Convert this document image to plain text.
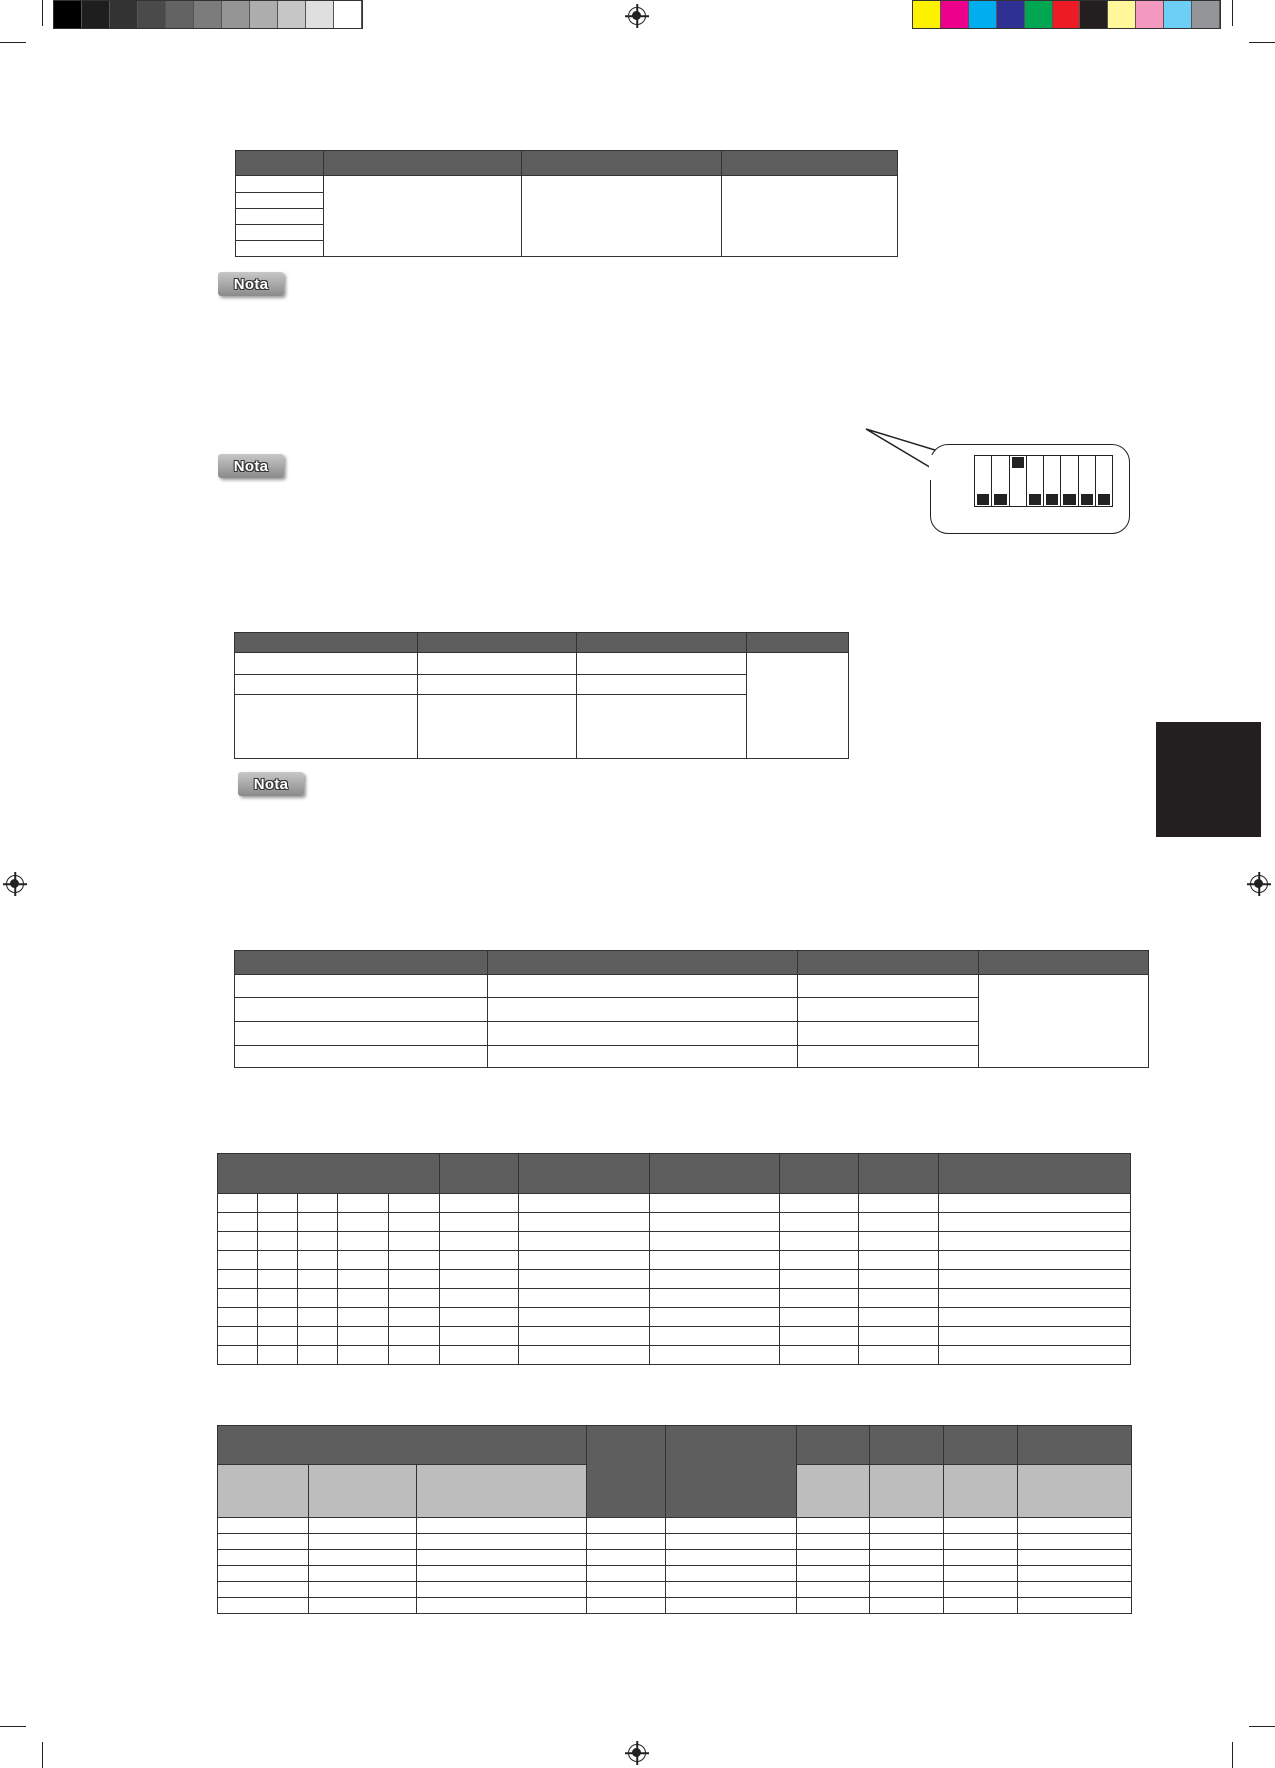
Nota
Nota

Nota
